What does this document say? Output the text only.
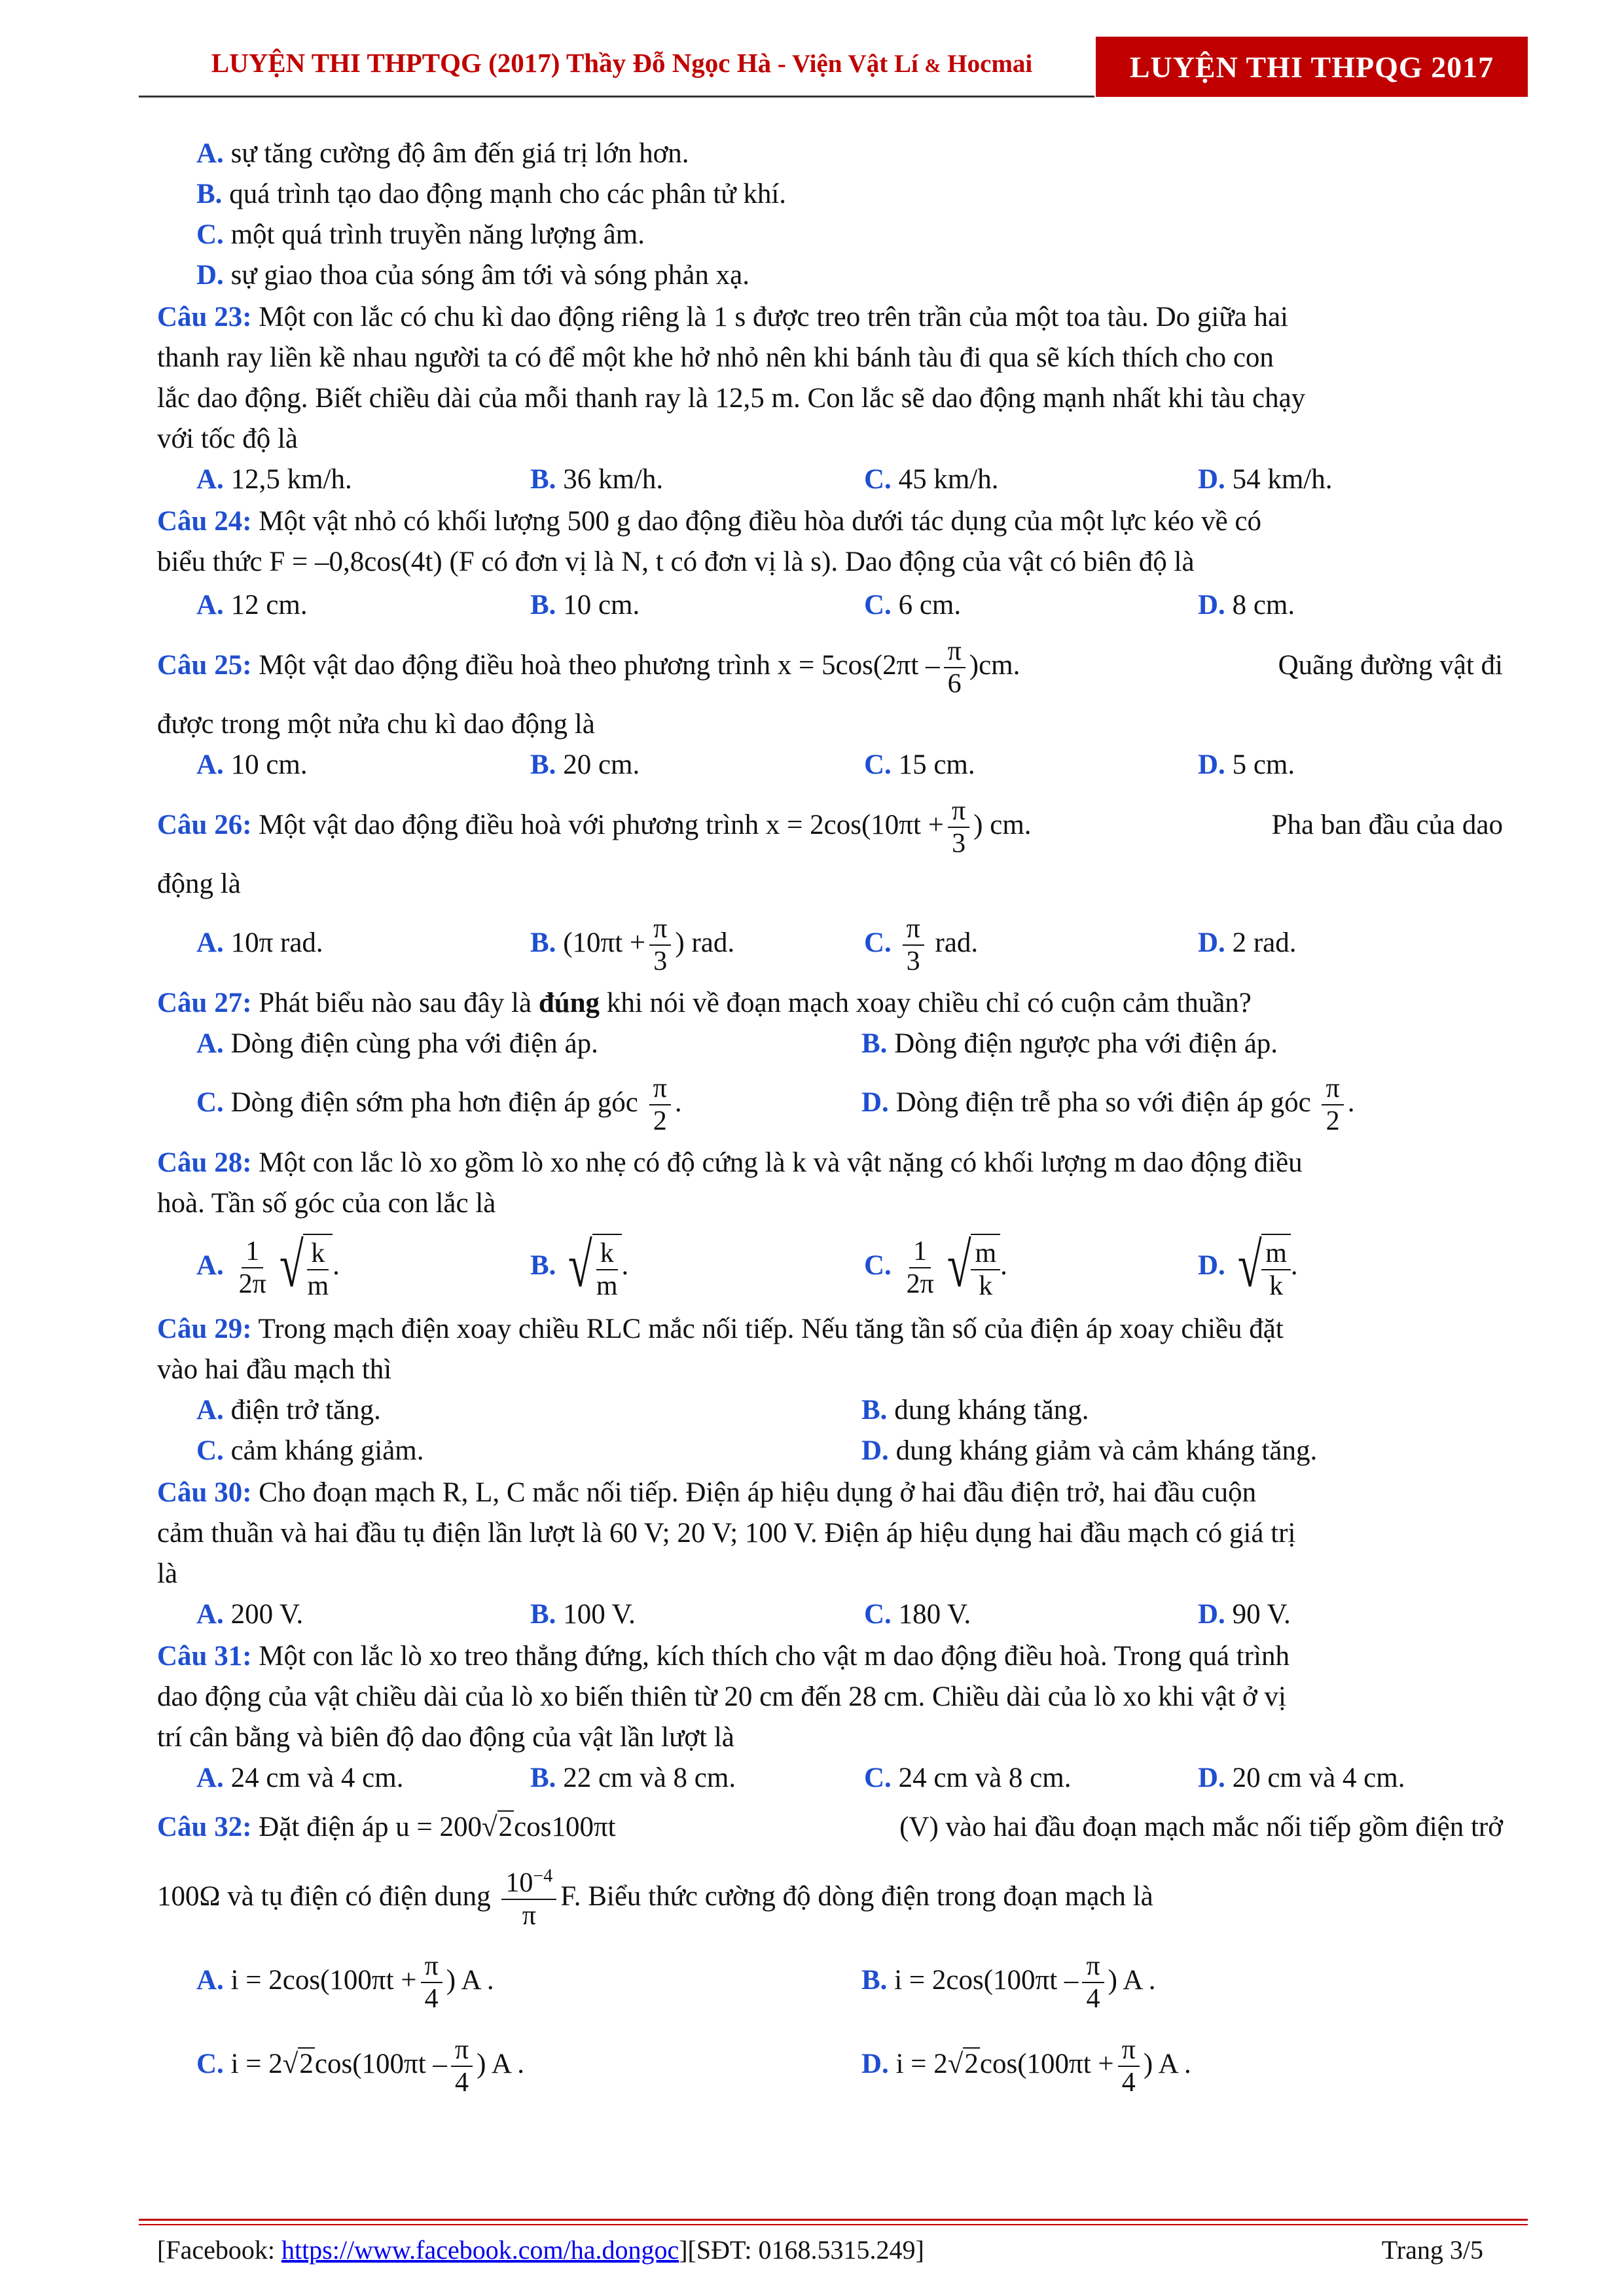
LUYỆN THI THPTQG (2017) Thầy Đỗ Ngọc Hà - Viện Vật Lí & Hocmai	LUYỆN THI THPQG 2017
A. sự tăng cường độ âm đến giá trị lớn hơn.
B. quá trình tạo dao động mạnh cho các phân tử khí.
C. một quá trình truyền năng lượng âm.
D. sự giao thoa của sóng âm tới và sóng phản xạ.
Câu 23: Một con lắc có chu kì dao động riêng là 1 s được treo trên trần của một toa tàu. Do giữa hai
thanh ray liền kề nhau người ta có để một khe hở nhỏ nên khi bánh tàu đi qua sẽ kích thích cho con
lắc dao động. Biết chiều dài của mỗi thanh ray là 12,5 m. Con lắc sẽ dao động mạnh nhất khi tàu chạy
với tốc độ là
A. 12,5 km/h.	B. 36 km/h.	C. 45 km/h.	D. 54 km/h.
Câu 24: Một vật nhỏ có khối lượng 500 g dao động điều hòa dưới tác dụng của một lực kéo về có
biểu thức F = –0,8cos(4t) (F có đơn vị là N, t có đơn vị là s). Dao động của vật có biên độ là
A. 12 cm.	B. 10 cm.	C. 6 cm.	D. 8 cm.
Câu 25: Một vật dao động điều hoà theo phương trình $x = 5\cos(2\pi t - \frac{\pi}{6} )cm$.	Quãng đường vật đi
được trong một nửa chu kì dao động là
A. 10 cm.	B. 20 cm.	C. 15 cm.	D. 5 cm.
Câu 26: Một vật dao động điều hoà với phương trình $x = 2\cos(10\pi t + \frac{\pi}{3}$ ) cm.	Pha ban đầu của dao
động là
A. 10π rad.	B. ($10\pi t + \frac{\pi}{3}$ ) rad.	C. $\frac{\pi}{3}$ rad.	D. 2 rad.
Câu 27: Phát biểu nào sau đây là đúng khi nói về đoạn mạch xoay chiều chỉ có cuộn cảm thuần?
A. Dòng điện cùng pha với điện áp.	B. Dòng điện ngược pha với điện áp.
C. Dòng điện sớm pha hơn điện áp góc $\frac{\pi}{2}$ .	D. Dòng điện trễ pha so với điện áp góc $\frac{\pi}{2}$ .
Câu 28: Một con lắc lò xo gồm lò xo nhẹ có độ cứng là k và vật nặng có khối lượng m dao động điều
hoà. Tần số góc của con lắc là
A. $\frac{1}{2\pi}$ √ $\frac{k}{m}$ .	B. √ $\frac{k}{m}$ .	C. $\frac{1}{2\pi}$ √ $\frac{m}{k}$ .	D. √ $\frac{m}{k}$ .
Câu 29: Trong mạch điện xoay chiều RLC mắc nối tiếp. Nếu tăng tần số của điện áp xoay chiều đặt
vào hai đầu mạch thì
A. điện trở tăng.	B. dung kháng tăng.
C. cảm kháng giảm.	D. dung kháng giảm và cảm kháng tăng.
Câu 30: Cho đoạn mạch R, L, C mắc nối tiếp. Điện áp hiệu dụng ở hai đầu điện trở, hai đầu cuộn
cảm thuần và hai đầu tụ điện lần lượt là 60 V; 20 V; 100 V. Điện áp hiệu dụng hai đầu mạch có giá trị
là
A. 200 V.	B. 100 V.	C. 180 V.	D. 90 V.
Câu 31: Một con lắc lò xo treo thẳng đứng, kích thích cho vật m dao động điều hoà. Trong quá trình
dao động của vật chiều dài của lò xo biến thiên từ 20 cm đến 28 cm. Chiều dài của lò xo khi vật ở vị
trí cân bằng và biên độ dao động của vật lần lượt là
A. 24 cm và 4 cm.	B. 22 cm và 8 cm.	C. 24 cm và 8 cm.	D. 20 cm và 4 cm.
Câu 32: Đặt điện áp u = 200√2cos100πt	(V) vào hai đầu đoạn mạch mắc nối tiếp gồm điện trở
100Ω và tụ điện có điện dung $\frac{10^{-4}}{\pi} F$. Biểu thức cường độ dòng điện trong đoạn mạch là
A. $i = 2\cos(100\pi t + \frac{\pi}{4}$ ) A .	B. $i = 2\cos(100\pi t - \frac{\pi}{4}$ ) A .
C. $i = 2√2\cos(100\pi t - \frac{\pi}{4}$ ) A .	D. $i = 2√2\cos(100\pi t + \frac{\pi}{4}$ ) A .
[Facebook: https://www.facebook.com/ha.dongoc][SĐT: 0168.5315.249]	Trang 3/5
